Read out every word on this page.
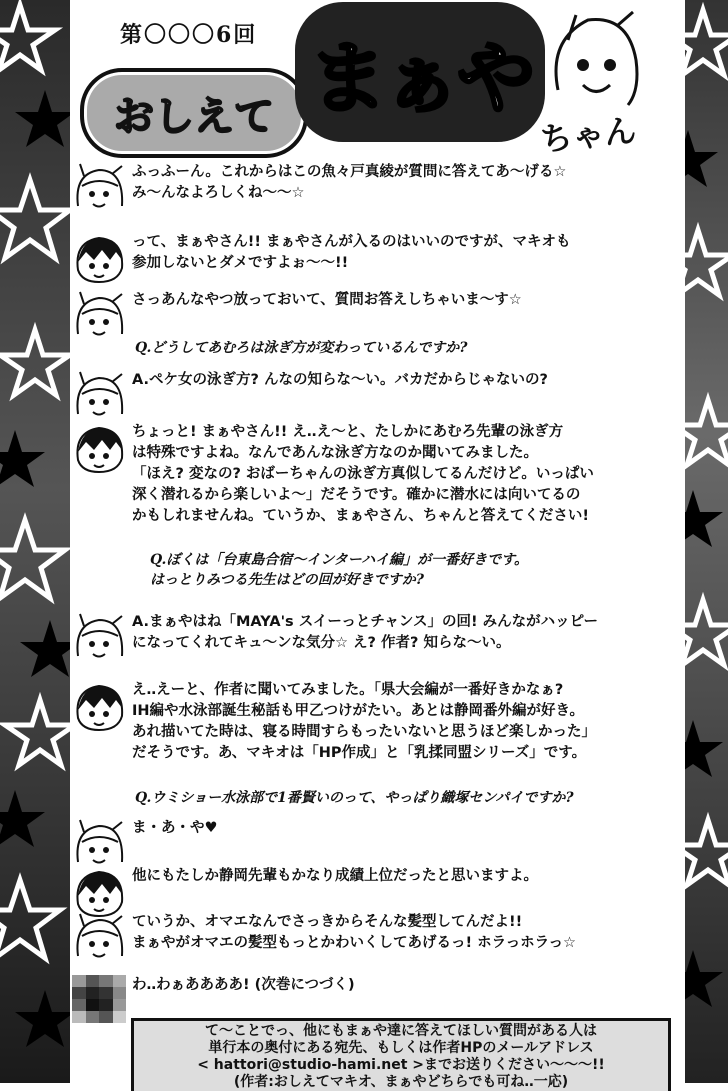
第〇〇〇6回
おしえて まぁや
ちゃん
ふっふーん。これからはこの魚々戸真綾が質問に答えてあ〜げる☆
み〜んなよろしくね〜〜☆
って、まぁやさん!! まぁやさんが入るのはいいのですが、マキオも
参加しないとダメですよぉ〜〜!!
さっあんなやつ放っておいて、質問お答えしちゃいま〜す☆
Q.どうしてあむろは泳ぎ方が変わっているんですか?
A.ペケ女の泳ぎ方? んなの知らな〜い。バカだからじゃないの?
ちょっと! まぁやさん!! え‥え〜と、たしかにあむろ先輩の泳ぎ方
は特殊ですよね。なんであんな泳ぎ方なのか聞いてみました。
「ほえ? 変なの? おばーちゃんの泳ぎ方真似してるんだけど。いっぱい
深く潜れるから楽しいよ〜」だそうです。確かに潜水には向いてるの
かもしれませんね。ていうか、まぁやさん、ちゃんと答えてください!
Q.ぼくは「台東島合宿〜インターハイ編」が一番好きです。
はっとりみつる先生はどの回が好きですか?
A.まぁやはね「MAYA's スイーっとチャンス」の回! みんながハッピー
になってくれてキュ〜ンな気分☆ え? 作者? 知らな〜い。
え‥えーと、作者に聞いてみました。「県大会編が一番好きかなぁ?
IH編や水泳部誕生秘話も甲乙つけがたい。あとは静岡番外編が好き。
あれ描いてた時は、寝る時間すらもったいないと思うほど楽しかった」
だそうです。あ、マキオは「HP作成」と「乳揉同盟シリーズ」です。
Q.ウミショー水泳部で1番賢いのって、やっぱり織塚センパイですか?
ま・あ・や♥
他にもたしか静岡先輩もかなり成績上位だったと思いますよ。
ていうか、オマエなんでさっきからそんな髪型してんだよ!!
まぁやがオマエの髪型もっとかわいくしてあげるっ! ホラっホラっ☆
わ‥わぁああああ! (次巻につづく)
て〜ことでっ、他にもまぁや達に答えてほしい質問がある人は
単行本の奥付にある宛先、もしくは作者HPのメールアドレス
< hattori@studio-hami.net >までお送りください〜〜〜!!
(作者:おしえてマキオ、まぁやどちらでも可ね‥一応)
